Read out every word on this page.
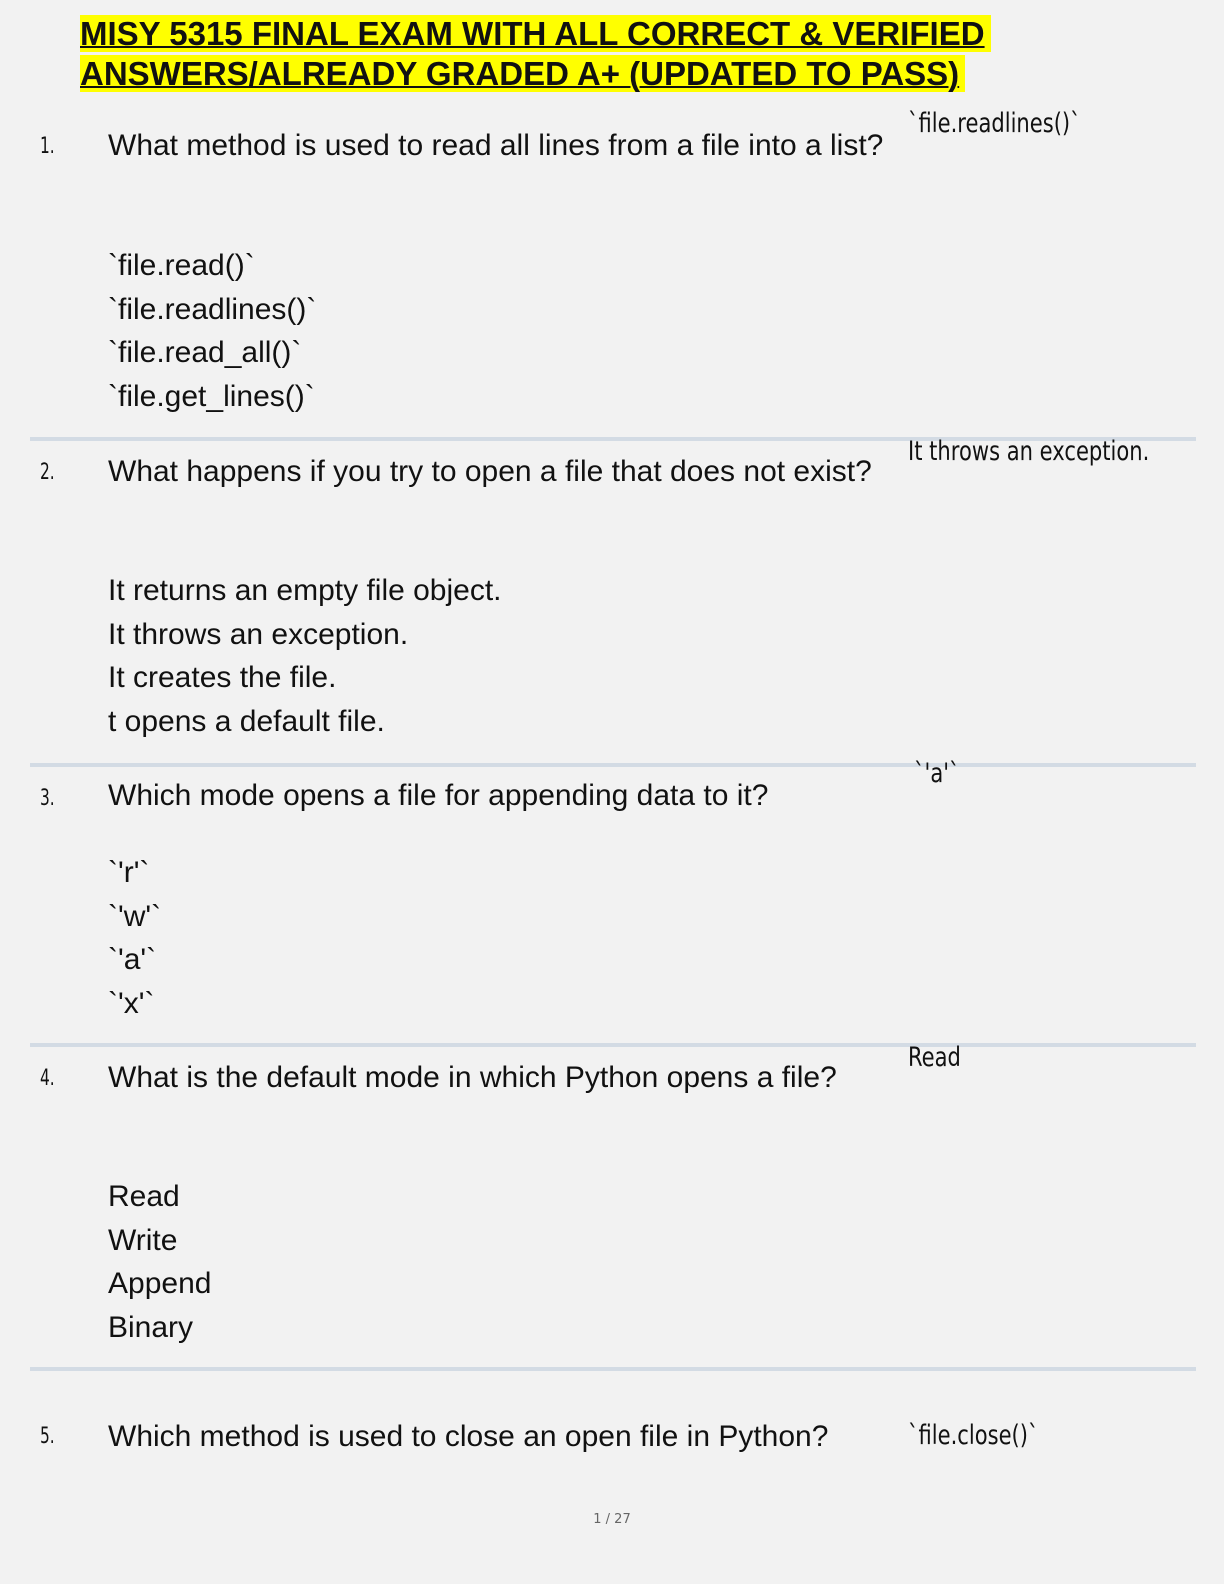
MISY 5315 FINAL EXAM WITH ALL CORRECT & VERIFIED
ANSWERS/ALREADY GRADED A+ (UPDATED TO PASS)
1. What method is used to read all lines from a file into a list?

`file.readlines()`
`file.read()`
`file.readlines()`
`file.read_all()`
`file.get_lines()`
2. What happens if you try to open a file that does not exist?

It throws an exception.
It returns an empty file object.
It throws an exception.
It creates the file.
t opens a default file.
3. Which mode opens a file for appending data to it?

`'a'`
`'r'`
`'w'`
`'a'`
`'x'`
4. What is the default mode in which Python opens a file?

Read
Read
Write
Append
Binary
5. Which method is used to close an open file in Python?	`file.close()`
1 / 27
